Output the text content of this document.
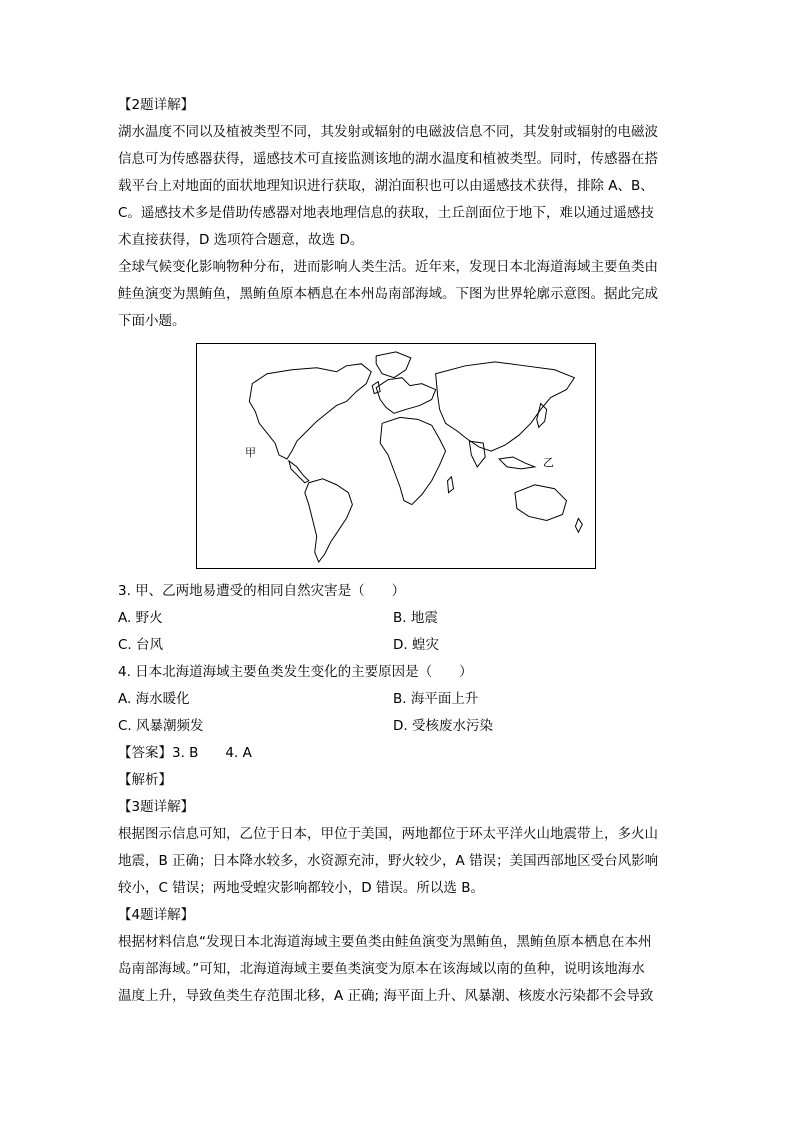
【2题详解】
湖水温度不同以及植被类型不同，其发射或辐射的电磁波信息不同，其发射或辐射的电磁波
信息可为传感器获得，遥感技术可直接监测该地的湖水温度和植被类型。同时，传感器在搭
载平台上对地面的面状地理知识进行获取，湖泊面积也可以由遥感技术获得，排除 A、B、
C。遥感技术多是借助传感器对地表地理信息的获取，土丘剖面位于地下，难以通过遥感技
术直接获得，D 选项符合题意，故选 D。
全球气候变化影响物种分布，进而影响人类生活。近年来，发现日本北海道海域主要鱼类由
鲑鱼演变为黑鲔鱼，黑鲔鱼原本栖息在本州岛南部海域。下图为世界轮廓示意图。据此完成
下面小题。
甲
乙
3. 甲、乙两地易遭受的相同自然灾害是（　　）
A. 野火	B. 地震
C. 台风	D. 蝗灾
4. 日本北海道海域主要鱼类发生变化的主要原因是（　　）
A. 海水暖化	B. 海平面上升
C. 风暴潮频发	D. 受核废水污染
【答案】3. B　　4. A
【解析】
【3题详解】
根据图示信息可知，乙位于日本，甲位于美国，两地都位于环太平洋火山地震带上，多火山
地震，B 正确；日本降水较多，水资源充沛，野火较少，A 错误；美国西部地区受台风影响
较小，C 错误；两地受蝗灾影响都较小，D 错误。所以选 B。
【4题详解】
根据材料信息“发现日本北海道海域主要鱼类由鲑鱼演变为黑鲔鱼，黑鲔鱼原本栖息在本州
岛南部海域。”可知，北海道海域主要鱼类演变为原本在该海域以南的鱼种，说明该地海水
温度上升，导致鱼类生存范围北移，A 正确; 海平面上升、风暴潮、核废水污染都不会导致
